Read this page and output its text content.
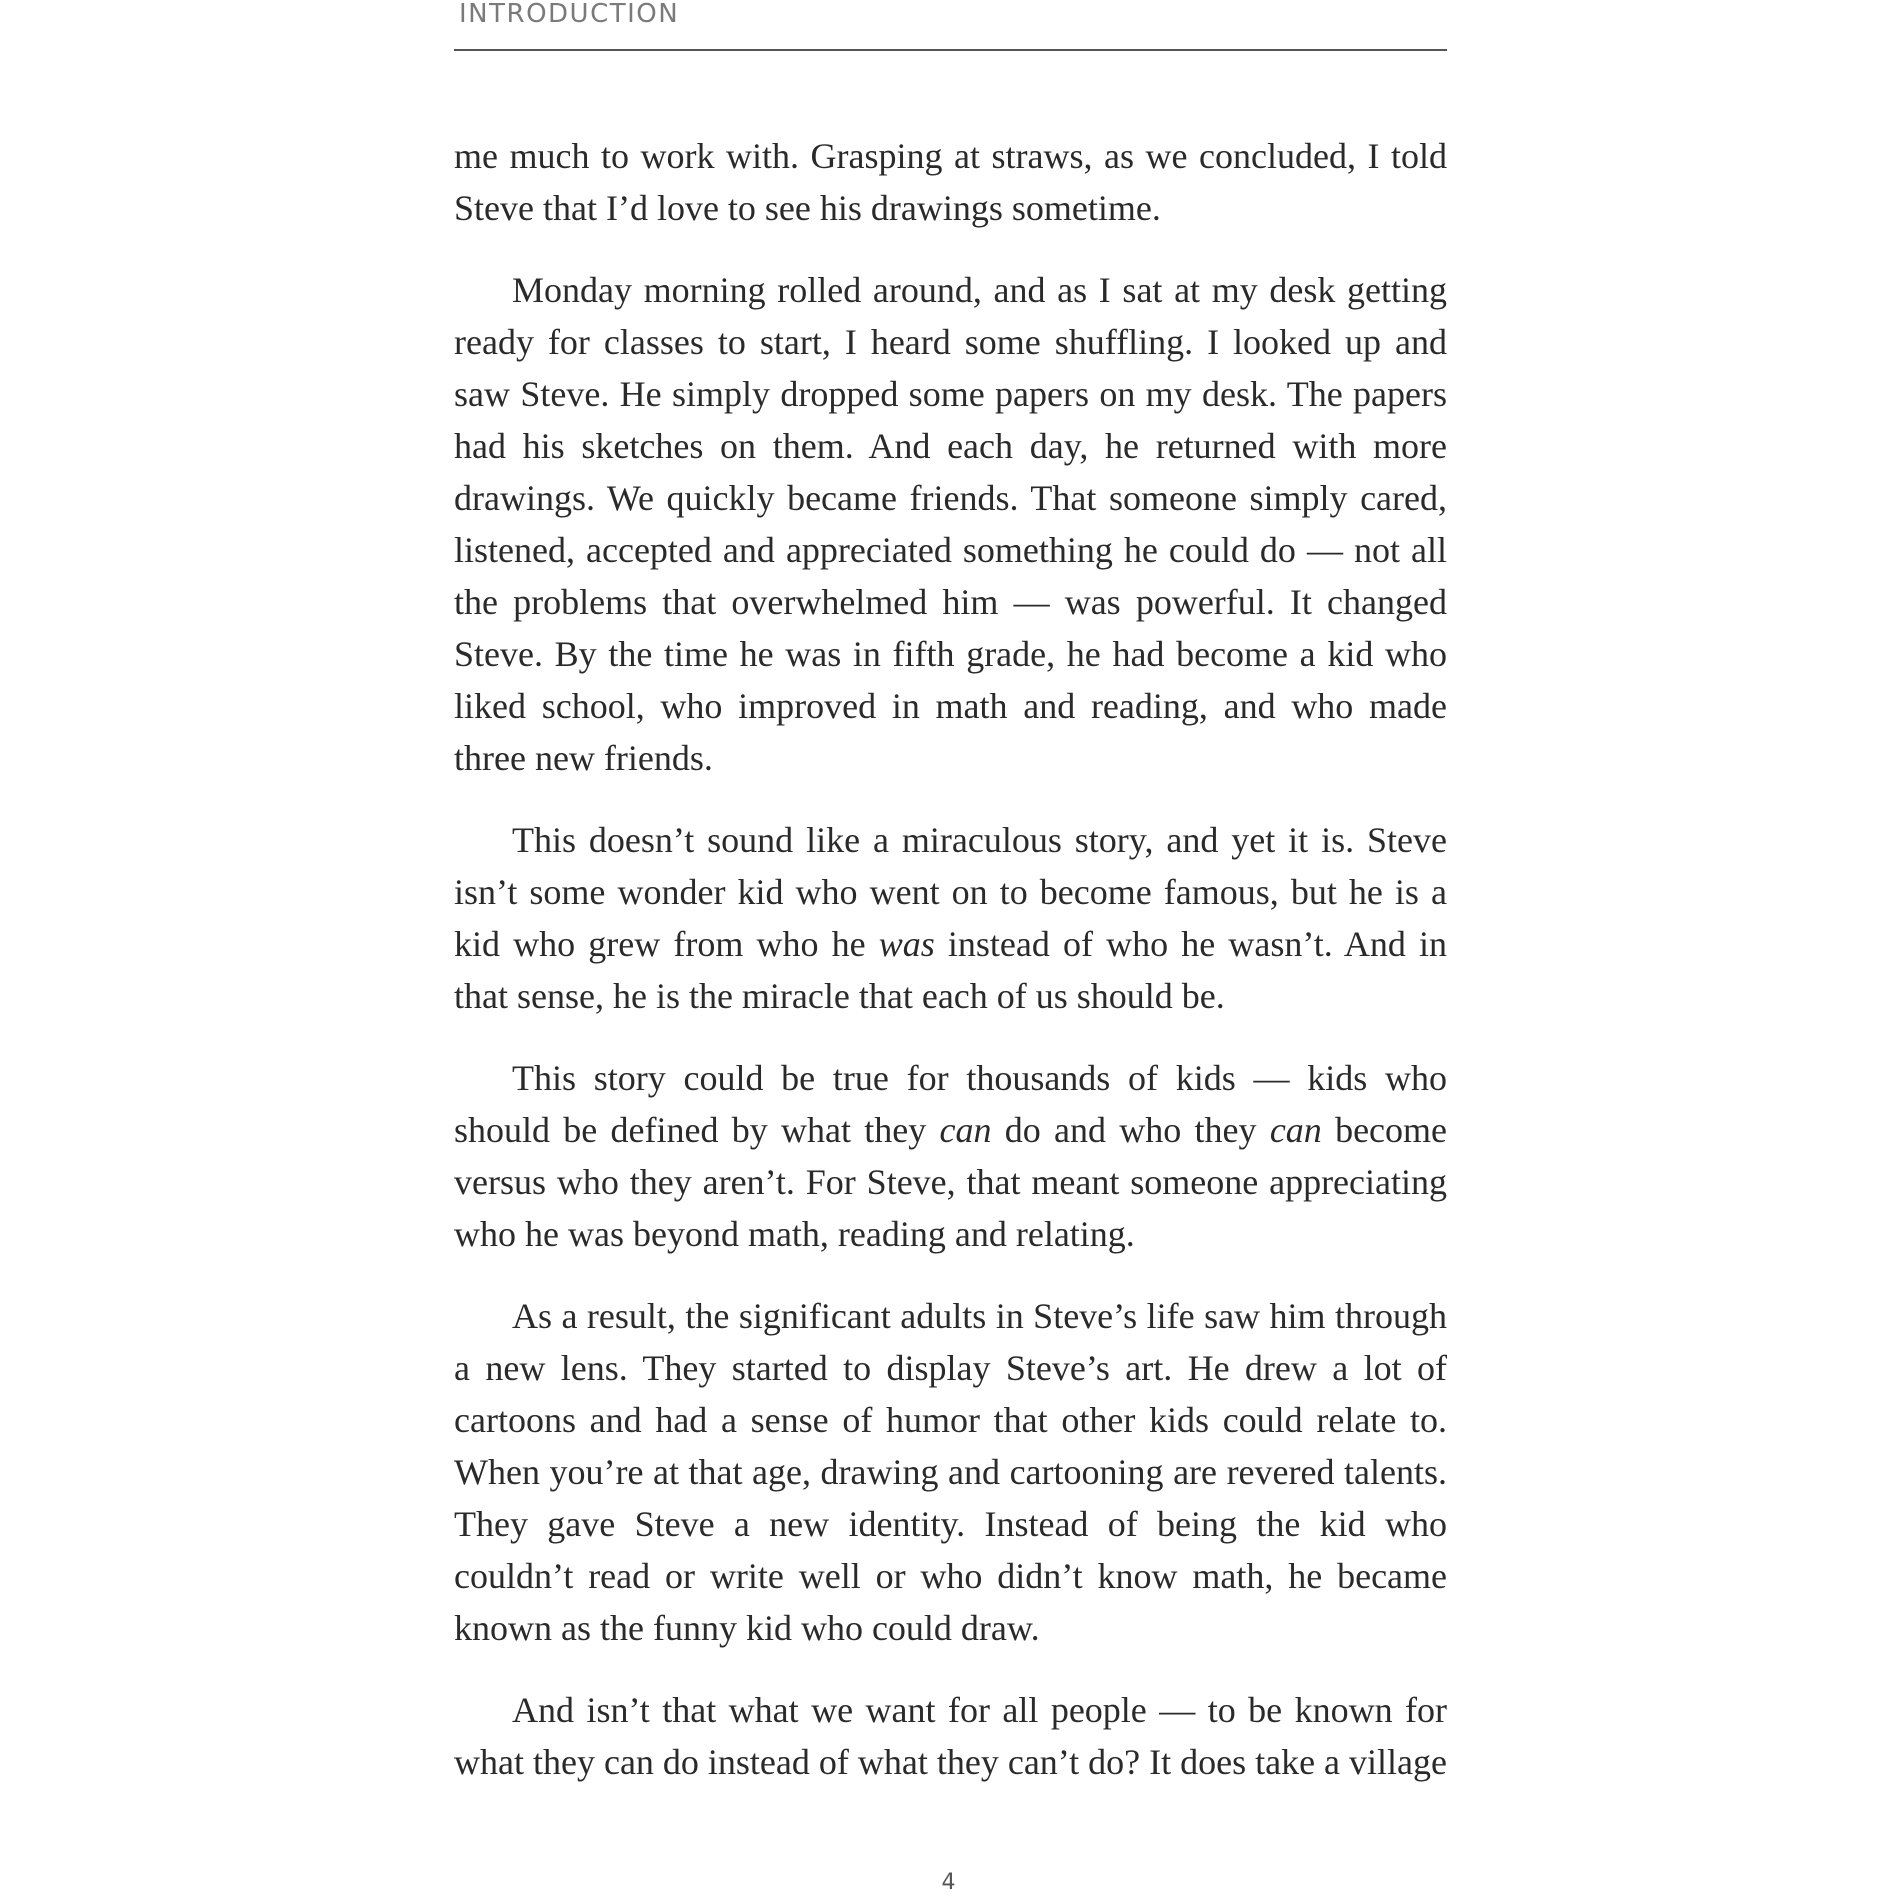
INTRODUCTION

me much to work with. Grasping at straws, as we concluded, I told Steve that I’d love to see his drawings sometime.

Monday morning rolled around, and as I sat at my desk getting ready for classes to start, I heard some shuffling. I looked up and saw Steve. He simply dropped some papers on my desk. The papers had his sketches on them. And each day, he returned with more drawings. We quickly became friends. That someone simply cared, listened, accepted and appreciated something he could do — not all the problems that overwhelmed him — was powerful. It changed Steve. By the time he was in fifth grade, he had become a kid who liked school, who improved in math and reading, and who made three new friends.

This doesn’t sound like a miraculous story, and yet it is. Steve isn’t some wonder kid who went on to become famous, but he is a kid who grew from who he was instead of who he wasn’t. And in that sense, he is the miracle that each of us should be.

This story could be true for thousands of kids — kids who should be defined by what they can do and who they can become versus who they aren’t. For Steve, that meant someone appreciating who he was beyond math, reading and relating.

As a result, the significant adults in Steve’s life saw him through a new lens. They started to display Steve’s art. He drew a lot of cartoons and had a sense of humor that other kids could relate to. When you’re at that age, drawing and cartooning are revered talents. They gave Steve a new identity. Instead of being the kid who couldn’t read or write well or who didn’t know math, he became known as the funny kid who could draw.

And isn’t that what we want for all people — to be known for what they can do instead of what they can’t do? It does take a village

4
